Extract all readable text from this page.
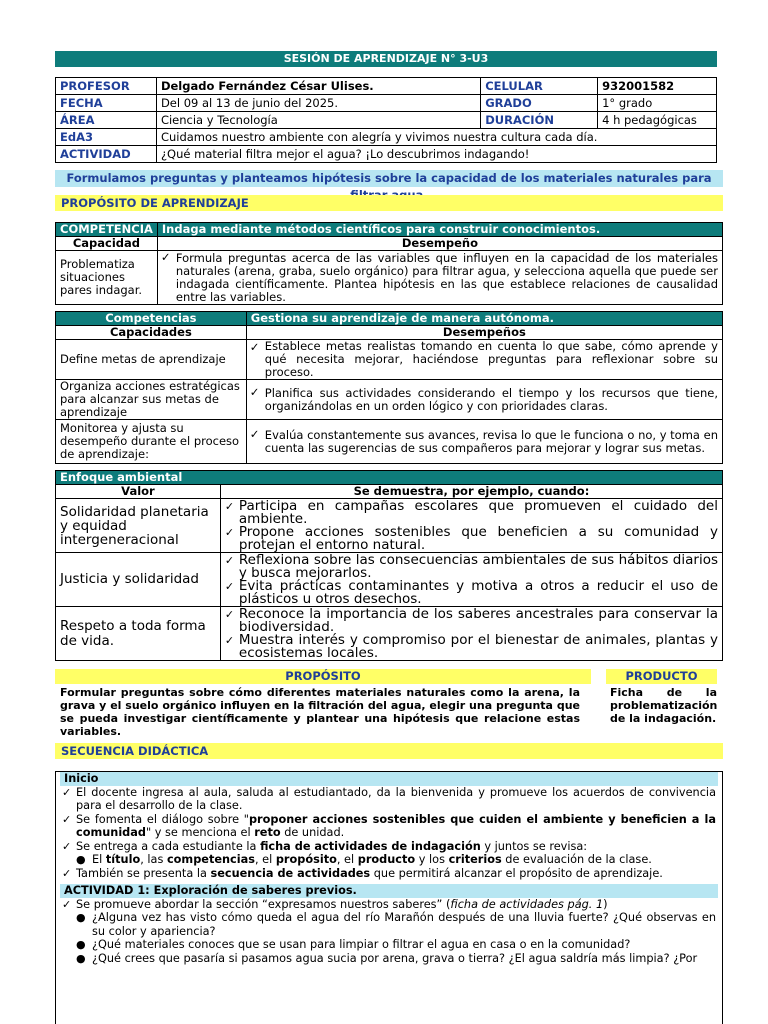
SESIÓN DE APRENDIZAJE N° 3-U3
PROFESOR	Delgado Fernández César Ulises.	CELULAR	932001582
FECHA	Del 09 al 13 de junio del 2025.	GRADO	1° grado
ÁREA	Ciencia y Tecnología	DURACIÓN	4 h pedagógicas
EdA3	Cuidamos nuestro ambiente con alegría y vivimos nuestra cultura cada día.		
ACTIVIDAD	¿Qué material filtra mejor el agua? ¡Lo descubrimos indagando!		
Formulamos preguntas y planteamos hipótesis sobre la capacidad de los materiales naturales para
PROPÓSITO DE APRENDIZAJE
COMPETENCIA	Indaga mediante métodos científicos para construir conocimientos.
Capacidad	Desempeño
Problematiza situaciones pares indagar.	✓ Formula preguntas acerca de las variables que influyen en la capacidad de los materiales naturales (arena, graba, suelo orgánico) para filtrar agua, y selecciona aquella que puede ser indagada científicamente. Plantea hipótesis en las que establece relaciones de causalidad entre las variables.
Competencias	Gestiona su aprendizaje de manera autónoma.
Capacidades	Desempeños
Define metas de aprendizaje	✓ Establece metas realistas tomando en cuenta lo que sabe, cómo aprende y qué necesita mejorar, haciéndose preguntas para reflexionar sobre su proceso.
Organiza acciones estratégicas para alcanzar sus metas de aprendizaje	✓ Planifica sus actividades considerando el tiempo y los recursos que tiene, organizándolas en un orden lógico y con prioridades claras.
Monitorea y ajusta su desempeño durante el proceso de aprendizaje:	✓ Evalúa constantemente sus avances, revisa lo que le funciona o no, y toma en cuenta las sugerencias de sus compañeros para mejorar y lograr sus metas.
Enfoque ambiental	
Valor	Se demuestra, por ejemplo, cuando:
Solidaridad planetaria y equidad intergeneracional	✓ Participa en campañas escolares que promueven el cuidado del ambiente.
✓ Propone acciones sostenibles que beneficien a su comunidad y protejan el entorno natural.

Justicia y solidaridad	✓ Reflexiona sobre las consecuencias ambientales de sus hábitos diarios y busca mejorarlos.
✓ Evita prácticas contaminantes y motiva a otros a reducir el uso de plásticos u otros desechos.

Respeto a toda forma de vida.	✓ Reconoce la importancia de los saberes ancestrales para conservar la biodiversidad.
✓ Muestra interés y compromiso por el bienestar de animales, plantas y ecosistemas locales.
PROPÓSITO	PRODUCTO
Formular preguntas sobre cómo diferentes materiales naturales como la arena, la grava y el suelo orgánico influyen en la filtración del agua, elegir una pregunta que se pueda investigar científicamente y plantear una hipótesis que relacione estas variables.
Ficha de la problematización de la indagación.
SECUENCIA DIDÁCTICA
Inicio
✓ El docente ingresa al aula, saluda al estudiantado, da la bienvenida y promueve los acuerdos de convivencia para el desarrollo de la clase.
✓ Se fomenta el diálogo sobre "proponer acciones sostenibles que cuiden el ambiente y beneficien a la comunidad" y se menciona el reto de unidad.
✓ Se entrega a cada estudiante la ficha de actividades de indagación y juntos se revisa:
● El título, las competencias, el propósito, el producto y los criterios de evaluación de la clase.
✓ También se presenta la secuencia de actividades que permitirá alcanzar el propósito de aprendizaje.
ACTIVIDAD 1: Exploración de saberes previos.
✓ Se promueve abordar la sección “expresamos nuestros saberes” (ficha de actividades pág. 1)
● ¿Alguna vez has visto cómo queda el agua del río Marañón después de una lluvia fuerte? ¿Qué observas en su color y apariencia?
● ¿Qué materiales conoces que se usan para limpiar o filtrar el agua en casa o en la comunidad?
● ¿Qué crees que pasaría si pasamos agua sucia por arena, grava o tierra? ¿El agua saldría más limpia? ¿Por
